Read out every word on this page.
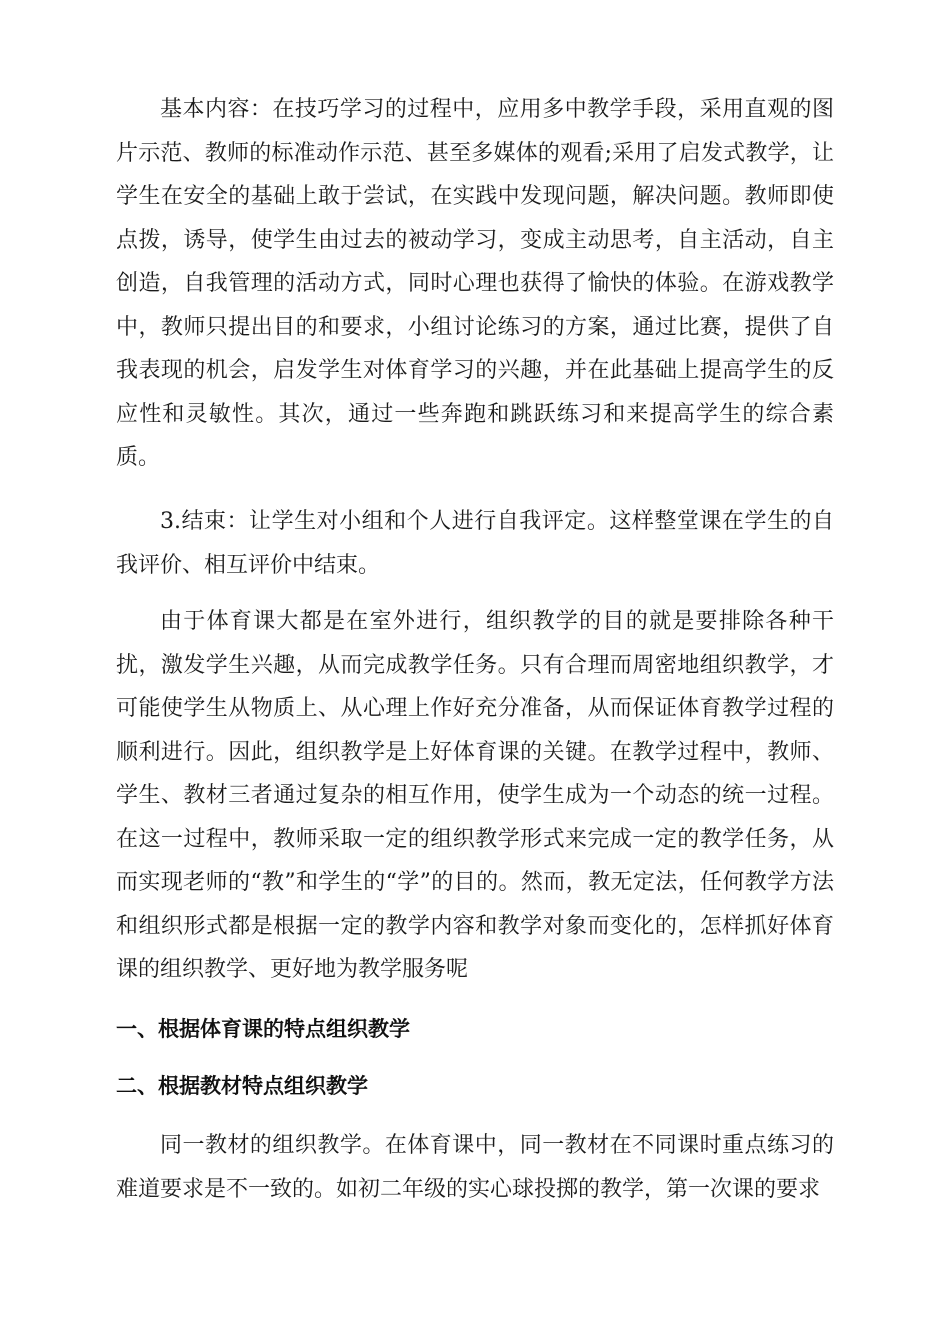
基本内容：在技巧学习的过程中，应用多中教学手段，采用直观的图片示范、教师的标准动作示范、甚至多媒体的观看;采用了启发式教学，让学生在安全的基础上敢于尝试，在实践中发现问题，解决问题。教师即使点拨，诱导，使学生由过去的被动学习，变成主动思考，自主活动，自主创造，自我管理的活动方式，同时心理也获得了愉快的体验。在游戏教学中，教师只提出目的和要求，小组讨论练习的方案，通过比赛，提供了自我表现的机会，启发学生对体育学习的兴趣，并在此基础上提高学生的反应性和灵敏性。其次，通过一些奔跑和跳跃练习和来提高学生的综合素质。

3.结束：让学生对小组和个人进行自我评定。这样整堂课在学生的自我评价、相互评价中结束。

由于体育课大都是在室外进行，组织教学的目的就是要排除各种干扰，激发学生兴趣，从而完成教学任务。只有合理而周密地组织教学，才可能使学生从物质上、从心理上作好充分准备，从而保证体育教学过程的顺利进行。因此，组织教学是上好体育课的关键。在教学过程中，教师、学生、教材三者通过复杂的相互作用，使学生成为一个动态的统一过程。在这一过程中，教师采取一定的组织教学形式来完成一定的教学任务，从而实现老师的“教”和学生的“学”的目的。然而，教无定法，任何教学方法和组织形式都是根据一定的教学内容和教学对象而变化的，怎样抓好体育课的组织教学、更好地为教学服务呢

一、根据体育课的特点组织教学
二、根据教材特点组织教学

同一教材的组织教学。在体育课中，同一教材在不同课时重点练习的难道要求是不一致的。如初二年级的实心球投掷的教学，第一次课的要求
